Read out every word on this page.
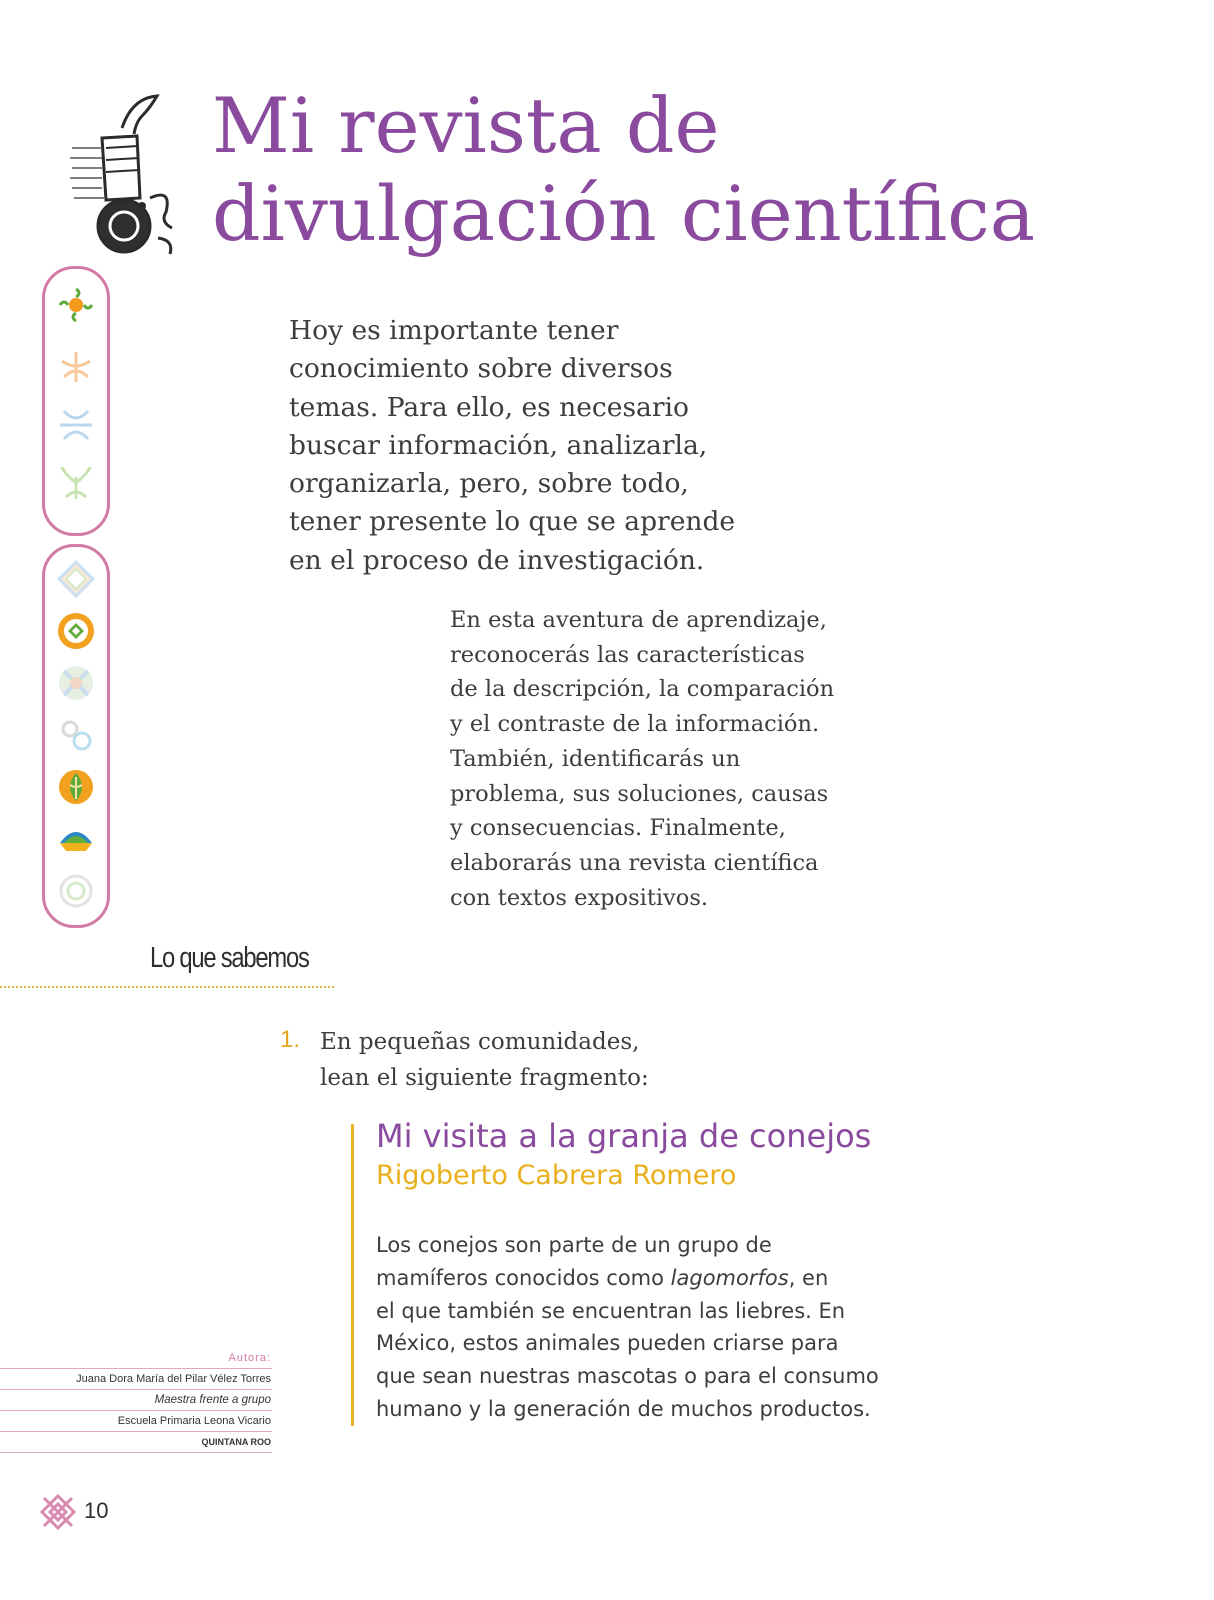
Mi revista de
divulgación científica

Hoy es importante tener
conocimiento sobre diversos
temas. Para ello, es necesario
buscar información, analizarla,
organizarla, pero, sobre todo,
tener presente lo que se aprende
en el proceso de investigación.

En esta aventura de aprendizaje,
reconocerás las características
de la descripción, la comparación
y el contraste de la información.
También, identificarás un
problema, sus soluciones, causas
y consecuencias. Finalmente,
elaborarás una revista científica
con textos expositivos.

Lo que sabemos

1. En pequeñas comunidades,
lean el siguiente fragmento:

Mi visita a la granja de conejos

Rigoberto Cabrera Romero

Los conejos son parte de un grupo de
mamíferos conocidos como lagomorfos, en
el que también se encuentran las liebres. En
México, estos animales pueden criarse para
que sean nuestras mascotas o para el consumo
humano y la generación de muchos productos.

Autora:
Juana Dora María del Pilar Vélez Torres
Maestra frente a grupo
Escuela Primaria Leona Vicario
QUINTANA ROO

10
